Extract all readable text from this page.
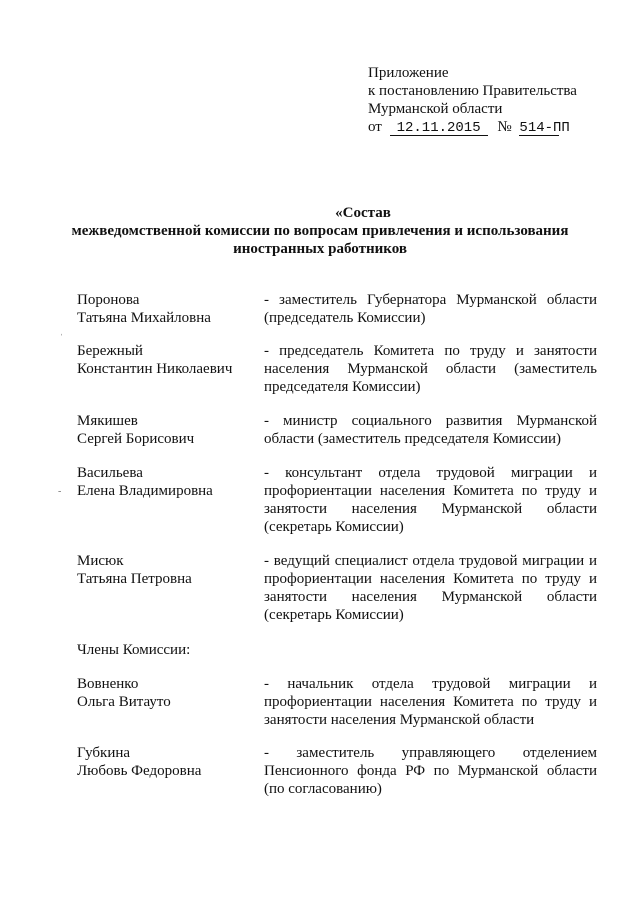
Приложение
к постановлению Правительства
Мурманской области
от 12.11.2015 № 514-ПП
«Состав
межведомственной комиссии по вопросам привлечения и использования
иностранных работников
Поронова
Татьяна Михайловна
- заместитель Губернатора Мурманской области (председатель Комиссии)
Бережный
Константин Николаевич
- председатель Комитета по труду и занятости населения Мурманской области (заместитель председателя Комиссии)
Мякишев
Сергей Борисович
- министр социального развития Мурманской области (заместитель председателя Комиссии)
Васильева
Елена Владимировна
- консультант отдела трудовой миграции и профориентации населения Комитета по труду и занятости населения Мурманской области (секретарь Комиссии)
Мисюк
Татьяна Петровна
- ведущий специалист отдела трудовой миграции и профориентации населения Комитета по труду и занятости населения Мурманской области (секретарь Комиссии)
Члены Комиссии:
Вовненко
Ольга Витауто
- начальник отдела трудовой миграции и профориентации населения Комитета по труду и занятости населения Мурманской области
Губкина
Любовь Федоровна
- заместитель управляющего отделением Пенсионного фонда РФ по Мурманской области (по согласованию)
ˌ
-
